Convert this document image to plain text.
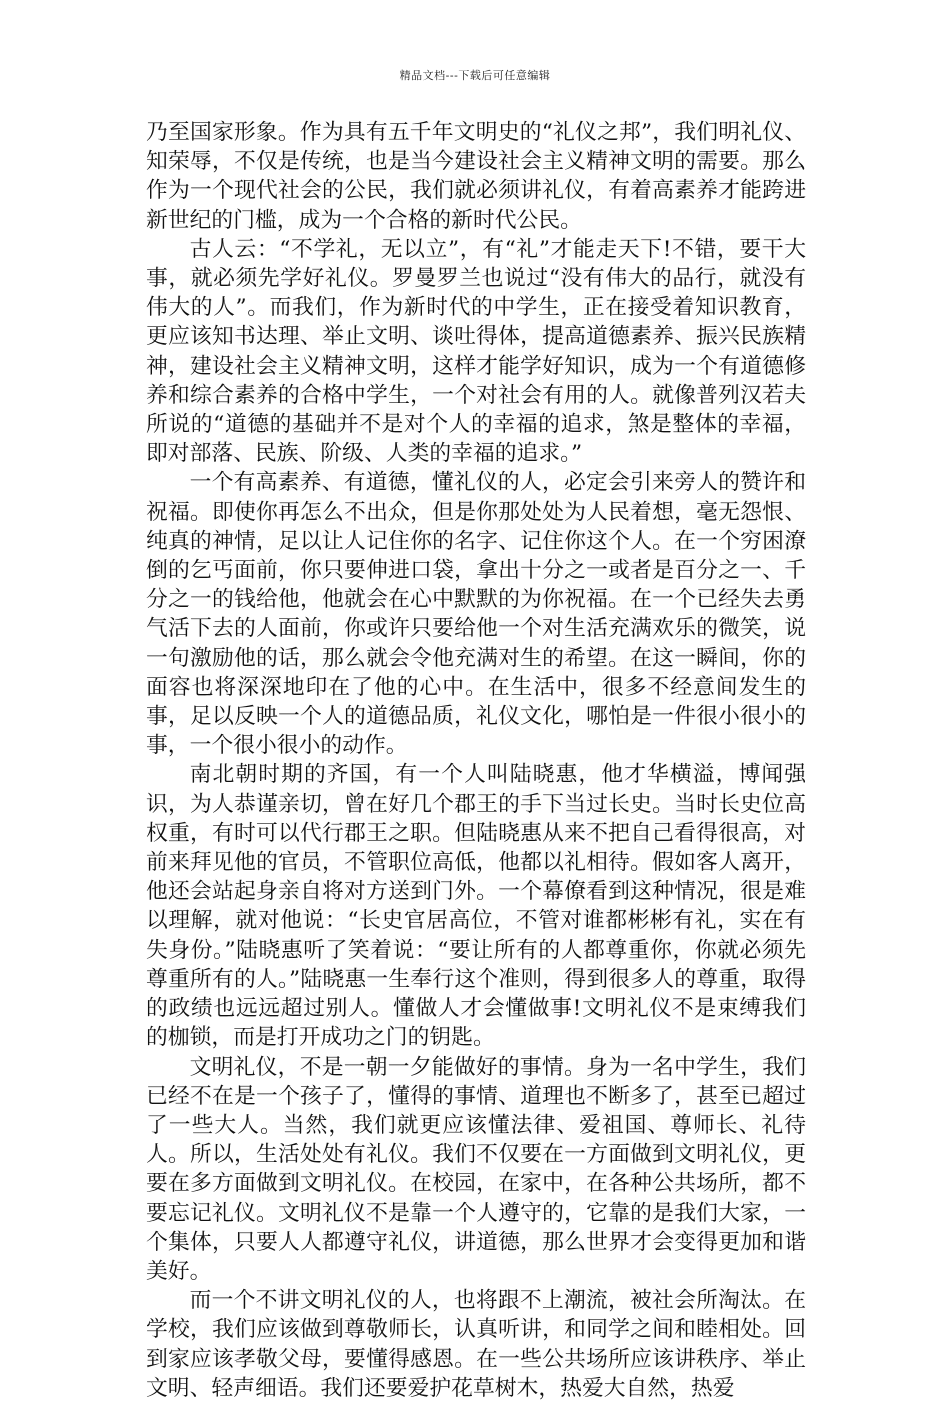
精品文档---下载后可任意编辑

乃至国家形象。作为具有五千年文明史的“礼仪之邦”，我们明礼仪、知荣辱，不仅是传统，也是当今建设社会主义精神文明的需要。那么作为一个现代社会的公民，我们就必须讲礼仪，有着高素养才能跨进新世纪的门槛，成为一个合格的新时代公民。

古人云：“不学礼，无以立”，有“礼”才能走天下!不错，要干大事，就必须先学好礼仪。罗曼罗兰也说过“没有伟大的品行，就没有伟大的人”。而我们，作为新时代的中学生，正在接受着知识教育，更应该知书达理、举止文明、谈吐得体，提高道德素养、振兴民族精神，建设社会主义精神文明，这样才能学好知识，成为一个有道德修养和综合素养的合格中学生，一个对社会有用的人。就像普列汉若夫所说的“道德的基础并不是对个人的幸福的追求，煞是整体的幸福，即对部落、民族、阶级、人类的幸福的追求。”

一个有高素养、有道德，懂礼仪的人，必定会引来旁人的赞许和祝福。即使你再怎么不出众，但是你那处处为人民着想，毫无怨恨、纯真的神情，足以让人记住你的名字、记住你这个人。在一个穷困潦倒的乞丐面前，你只要伸进口袋，拿出十分之一或者是百分之一、千分之一的钱给他，他就会在心中默默的为你祝福。在一个已经失去勇气活下去的人面前，你或许只要给他一个对生活充满欢乐的微笑，说一句激励他的话，那么就会令他充满对生的希望。在这一瞬间，你的面容也将深深地印在了他的心中。在生活中，很多不经意间发生的事，足以反映一个人的道德品质，礼仪文化，哪怕是一件很小很小的事，一个很小很小的动作。

南北朝时期的齐国，有一个人叫陆晓惠，他才华横溢，博闻强识，为人恭谨亲切，曾在好几个郡王的手下当过长史。当时长史位高权重，有时可以代行郡王之职。但陆晓惠从来不把自己看得很高，对前来拜见他的官员，不管职位高低，他都以礼相待。假如客人离开，他还会站起身亲自将对方送到门外。一个幕僚看到这种情况，很是难以理解，就对他说：“长史官居高位，不管对谁都彬彬有礼，实在有失身份。”陆晓惠听了笑着说：“要让所有的人都尊重你，你就必须先尊重所有的人。”陆晓惠一生奉行这个准则，得到很多人的尊重，取得的政绩也远远超过别人。懂做人才会懂做事!文明礼仪不是束缚我们的枷锁，而是打开成功之门的钥匙。

文明礼仪，不是一朝一夕能做好的事情。身为一名中学生，我们已经不在是一个孩子了，懂得的事情、道理也不断多了，甚至已超过了一些大人。当然，我们就更应该懂法律、爱祖国、尊师长、礼待人。所以，生活处处有礼仪。我们不仅要在一方面做到文明礼仪，更要在多方面做到文明礼仪。在校园，在家中，在各种公共场所，都不要忘记礼仪。文明礼仪不是靠一个人遵守的，它靠的是我们大家，一个集体，只要人人都遵守礼仪，讲道德，那么世界才会变得更加和谐美好。

而一个不讲文明礼仪的人，也将跟不上潮流，被社会所淘汰。在学校，我们应该做到尊敬师长，认真听讲，和同学之间和睦相处。回到家应该孝敬父母，要懂得感恩。在一些公共场所应该讲秩序、举止文明、轻声细语。我们还要爱护花草树木，热爱大自然，热爱
